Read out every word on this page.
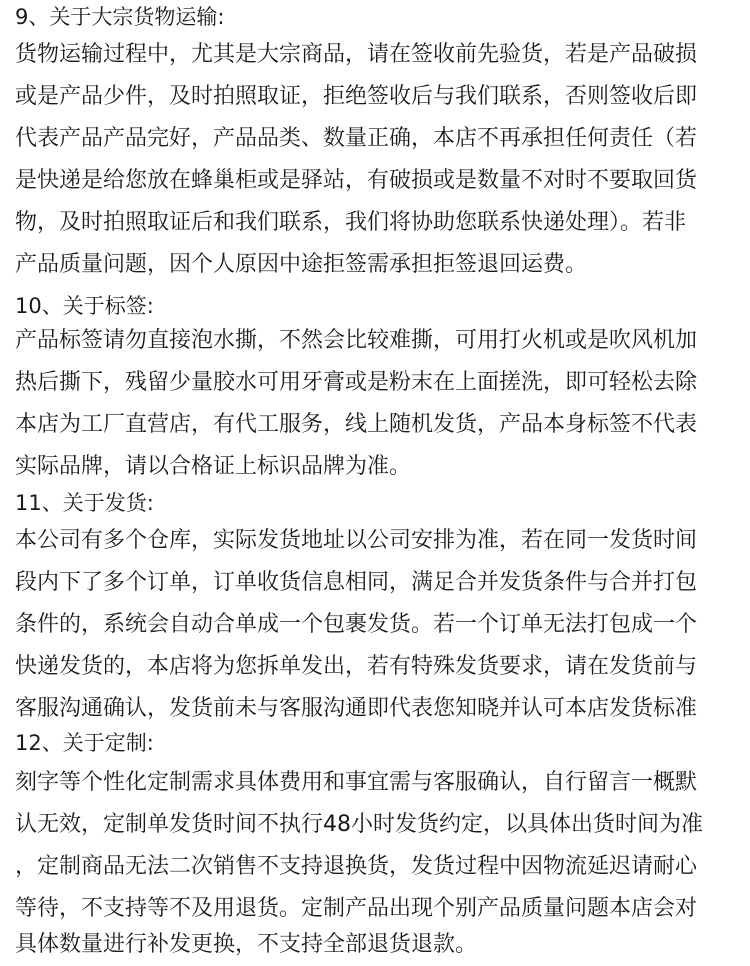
9、关于大宗货物运输:
货物运输过程中，尤其是大宗商品，请在签收前先验货，若是产品破损
或是产品少件，及时拍照取证，拒绝签收后与我们联系，否则签收后即
代表产品产品完好，产品品类、数量正确，本店不再承担任何责任（若
是快递是给您放在蜂巢柜或是驿站，有破损或是数量不对时不要取回货
物，及时拍照取证后和我们联系，我们将协助您联系快递处理）。若非
产品质量问题，因个人原因中途拒签需承担拒签退回运费。
10、关于标签:
产品标签请勿直接泡水撕，不然会比较难撕，可用打火机或是吹风机加
热后撕下，残留少量胶水可用牙膏或是粉末在上面搓洗，即可轻松去除
本店为工厂直营店，有代工服务，线上随机发货，产品本身标签不代表
实际品牌，请以合格证上标识品牌为准。
11、关于发货:
本公司有多个仓库，实际发货地址以公司安排为准，若在同一发货时间
段内下了多个订单，订单收货信息相同，满足合并发货条件与合并打包
条件的，系统会自动合单成一个包裹发货。若一个订单无法打包成一个
快递发货的，本店将为您拆单发出，若有特殊发货要求，请在发货前与
客服沟通确认，发货前未与客服沟通即代表您知晓并认可本店发货标准
12、关于定制:
刻字等个性化定制需求具体费用和事宜需与客服确认，自行留言一概默
认无效，定制单发货时间不执行48小时发货约定，以具体出货时间为准
，定制商品无法二次销售不支持退换货，发货过程中因物流延迟请耐心
等待，不支持等不及用退货。定制产品出现个别产品质量问题本店会对
具体数量进行补发更换，不支持全部退货退款。
